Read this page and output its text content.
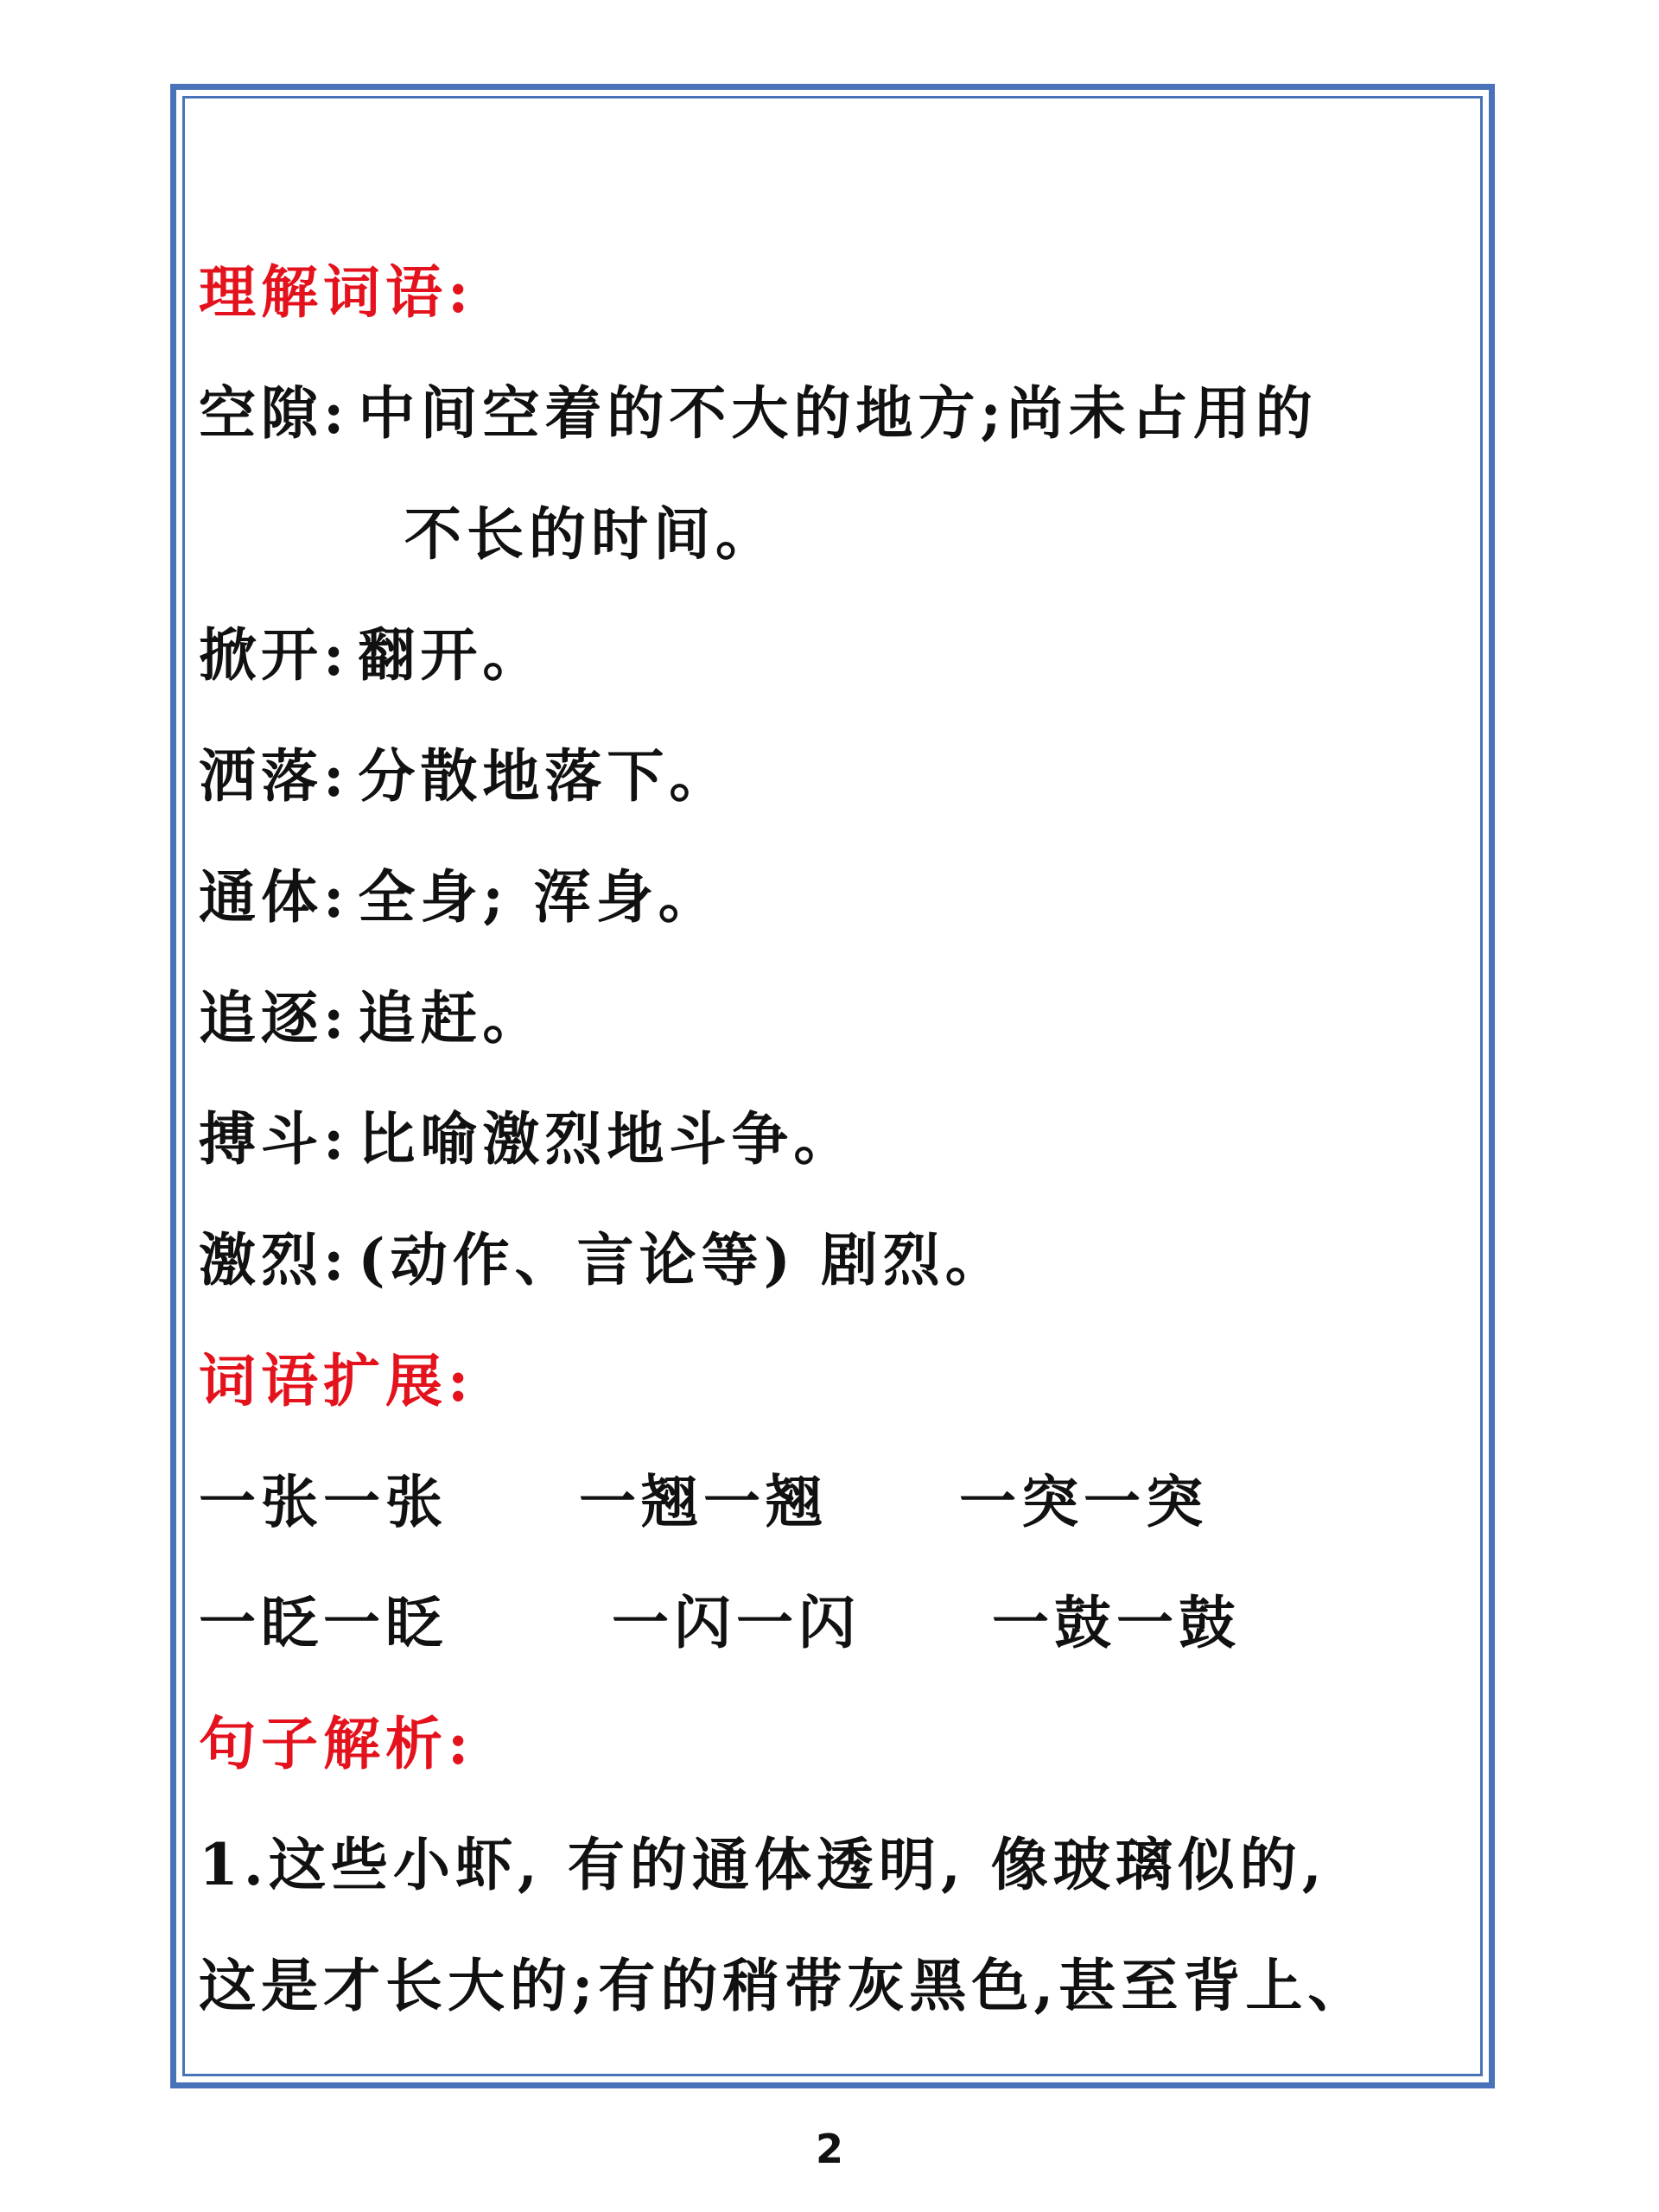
理解词语:
空隙: 中间空着的不大的地方;尚未占用的
不长的时间。
掀开: 翻开。
洒落: 分散地落下。
通体: 全身; 浑身。
追逐: 追赶。
搏斗: 比喻激烈地斗争。
激烈: (动作、言论等) 剧烈。
词语扩展:
一张一张 一翘一翘 一突一突
一眨一眨	一闪一闪 一鼓一鼓
句子解析:
1.这些小虾, 有的通体透明, 像玻璃似的,
这是才长大的;有的稍带灰黑色,甚至背上、
2
